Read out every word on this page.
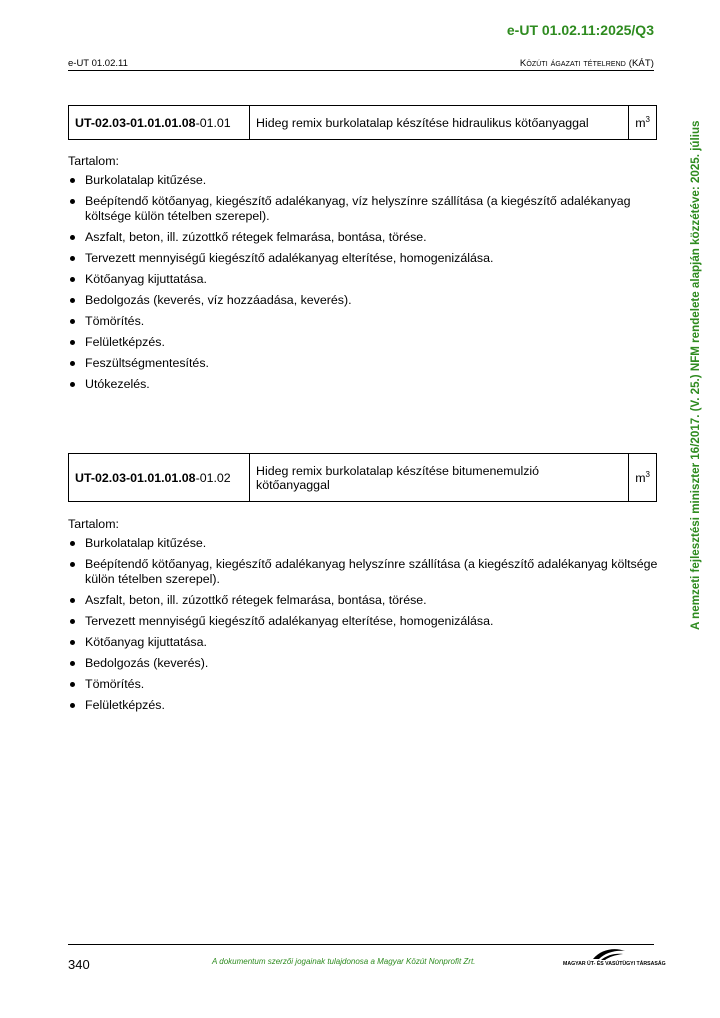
e-UT 01.02.11:2025/Q3
e-UT 01.02.11	Közúti ágazati tételrend (KÁT)
A nemzeti fejlesztési miniszter 16/2017. (V. 25.) NFM rendelete alapján közzétéve: 2025. július
UT-02.03-01.01.01.08-01.01	Hideg remix burkolatalap készítése hidraulikus kötőanyaggal	$m^3$

Tartalom:

Burkolatalap kitűzése.
Beépítendő kötőanyag, kiegészítő adalékanyag, víz helyszínre szállítása (a kiegészítő adalékanyag költsége külön tételben szerepel).
Aszfalt, beton, ill. zúzottkő rétegek felmarása, bontása, törése.
Tervezett mennyiségű kiegészítő adalékanyag elterítése, homogenizálása.
Kötőanyag kijuttatása.
Bedolgozás (keverés, víz hozzáadása, keverés).
Tömörítés.
Felületképzés.
Feszültségmentesítés.
Utókezelés.
UT-02.03-01.01.01.08-01.02	Hideg remix burkolatalap készítése bitumenemulzió kötőanyaggal	$m^3$

Tartalom:

Burkolatalap kitűzése.
Beépítendő kötőanyag, kiegészítő adalékanyag helyszínre szállítása (a kiegészítő adalékanyag költsége külön tételben szerepel).
Aszfalt, beton, ill. zúzottkő rétegek felmarása, bontása, törése.
Tervezett mennyiségű kiegészítő adalékanyag elterítése, homogenizálása.
Kötőanyag kijuttatása.
Bedolgozás (keverés).
Tömörítés.
Felületképzés.
340	A dokumentum szerzői jogainak tulajdonosa a Magyar Közút Nonprofit Zrt.	MAGYAR ÚT- ÉS VASÚTÜGYI TÁRSASÁG
